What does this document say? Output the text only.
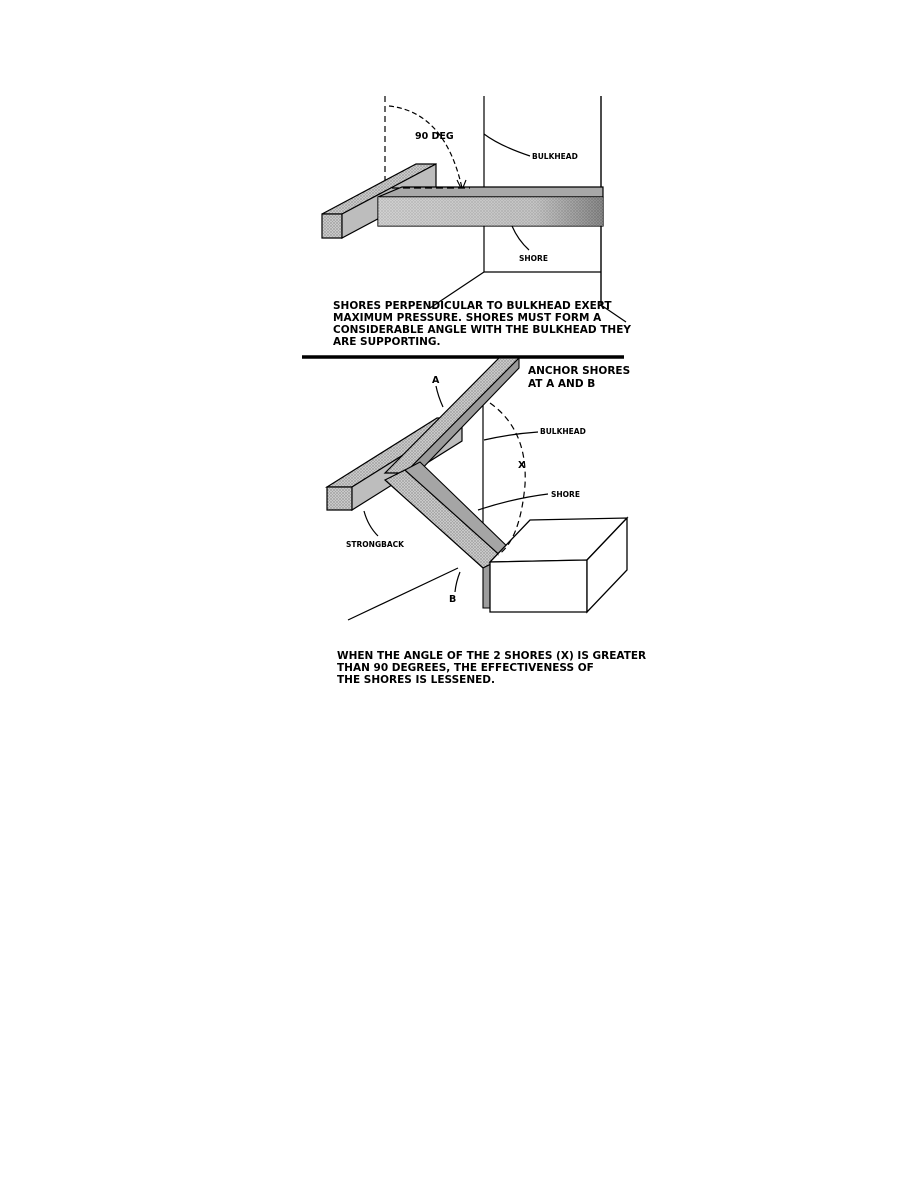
90 DEG
BULKHEAD
SHORE
SHORES PERPENDICULAR TO BULKHEAD EXERT
MAXIMUM PRESSURE. SHORES MUST FORM A
CONSIDERABLE ANGLE WITH THE BULKHEAD THEY
ARE SUPPORTING.
ANCHOR SHORES
AT A AND B
A
BULKHEAD
X
SHORE
STRONGBACK
B
WHEN THE ANGLE OF THE 2 SHORES (X) IS GREATER
THAN 90 DEGREES, THE EFFECTIVENESS OF
THE SHORES IS LESSENED.
